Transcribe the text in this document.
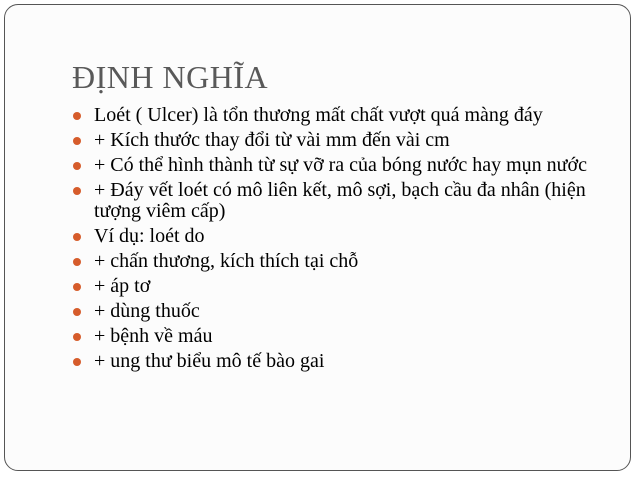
ĐỊNH NGHĨA
Loét ( Ulcer) là tổn thương mất chất vượt quá màng đáy
+ Kích thước thay đổi từ vài mm đến vài cm
+ Có thể hình thành từ sự vỡ ra của bóng nước hay mụn nước
+ Đáy vết loét có mô liên kết, mô sợi, bạch cầu đa nhân (hiện tượng viêm cấp)
Ví dụ: loét do
+ chấn thương, kích thích tại chỗ
+ áp tơ
+ dùng thuốc
+ bệnh về máu
+ ung thư biểu mô tế bào gai
